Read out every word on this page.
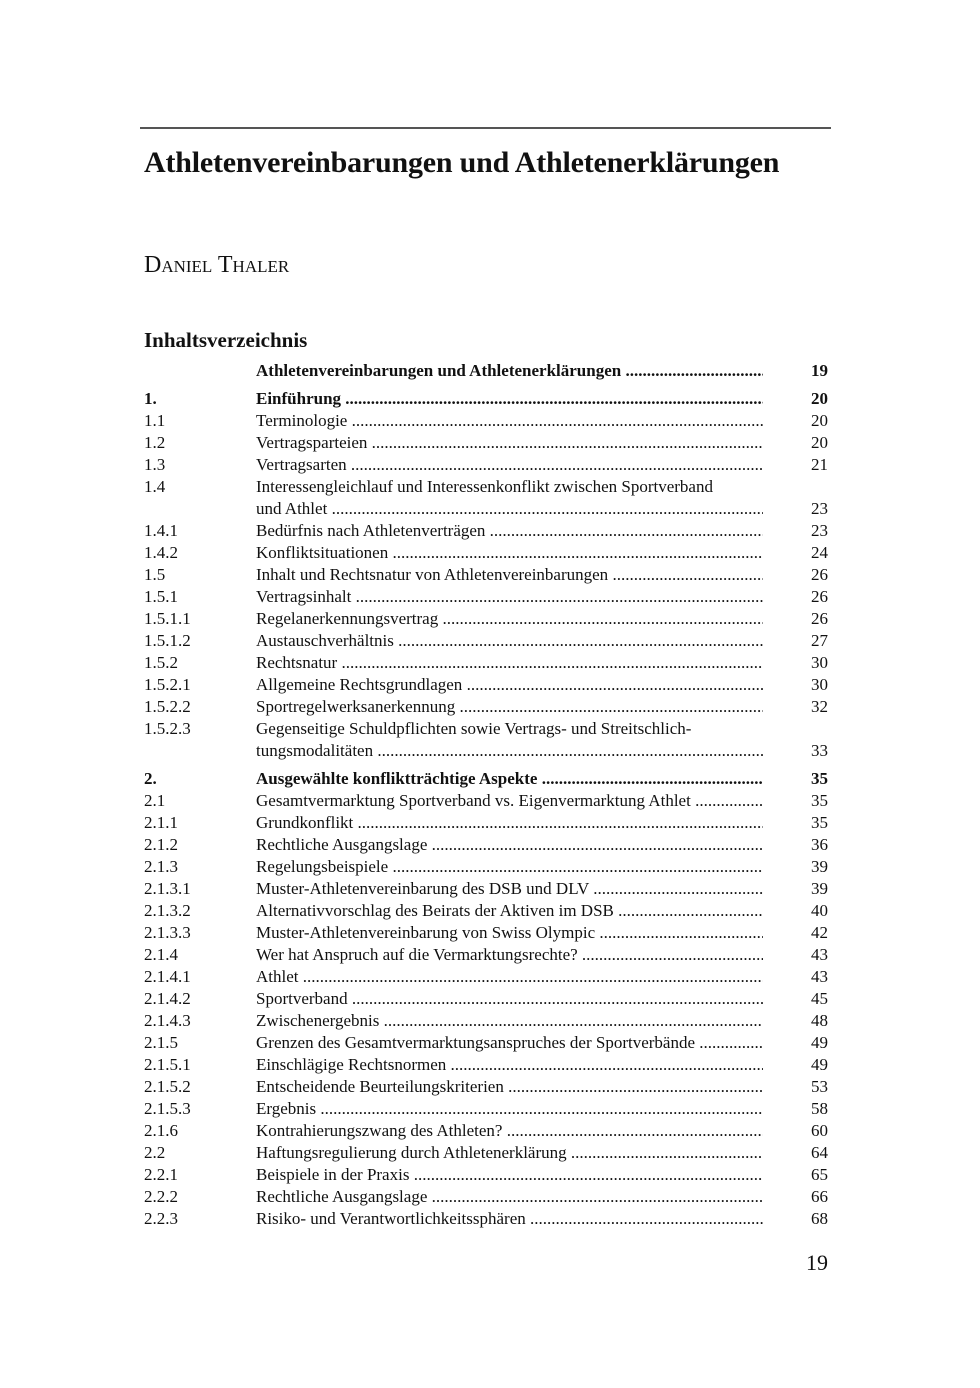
Athletenvereinbarungen und Athletenerklärungen
Daniel Thaler
Inhaltsverzeichnis
Athletenvereinbarungen und Athletenerklärungen .....	19
1.	Einführung .....	20
1.1	Terminologie .....	20
1.2	Vertragsparteien .....	20
1.3	Vertragsarten .....	21
1.4	Interessengleichlauf und Interessenkonflikt zwischen Sportverband
und Athlet .....	23
1.4.1	Bedürfnis nach Athletenverträgen .....	23
1.4.2	Konfliktsituationen .....	24
1.5	Inhalt und Rechtsnatur von Athletenvereinbarungen .....	26
1.5.1	Vertragsinhalt .....	26
1.5.1.1	Regelanerkennungsvertrag .....	26
1.5.1.2	Austauschverhältnis .....	27
1.5.2	Rechtsnatur .....	30
1.5.2.1	Allgemeine Rechtsgrundlagen .....	30
1.5.2.2	Sportregelwerksanerkennung .....	32
1.5.2.3	Gegenseitige Schuldpflichten sowie Vertrags- und Streitschlich-
tungsmodalitäten .....	33
2.	Ausgewählte konfliktträchtige Aspekte .....	35
2.1	Gesamtvermarktung Sportverband vs. Eigenvermarktung Athlet .....	35
2.1.1	Grundkonflikt .....	35
2.1.2	Rechtliche Ausgangslage .....	36
2.1.3	Regelungsbeispiele .....	39
2.1.3.1	Muster-Athletenvereinbarung des DSB und DLV .....	39
2.1.3.2	Alternativvorschlag des Beirats der Aktiven im DSB .....	40
2.1.3.3	Muster-Athletenvereinbarung von Swiss Olympic .....	42
2.1.4	Wer hat Anspruch auf die Vermarktungsrechte? .....	43
2.1.4.1	Athlet .....	43
2.1.4.2	Sportverband .....	45
2.1.4.3	Zwischenergebnis .....	48
2.1.5	Grenzen des Gesamtvermarktungsanspruches der Sportverbände .....	49
2.1.5.1	Einschlägige Rechtsnormen .....	49
2.1.5.2	Entscheidende Beurteilungskriterien .....	53
2.1.5.3	Ergebnis .....	58
2.1.6	Kontrahierungszwang des Athleten? .....	60
2.2	Haftungsregulierung durch Athletenerklärung .....	64
2.2.1	Beispiele in der Praxis .....	65
2.2.2	Rechtliche Ausgangslage .....	66
2.2.3	Risiko- und Verantwortlichkeitssphären .....	68
19
